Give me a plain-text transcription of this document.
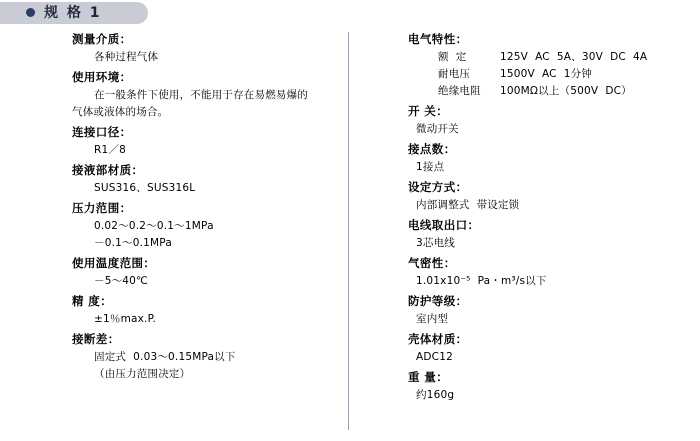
规 格 1
测量介质：
各种过程气体
使用环境：
在一般条件下使用，不能用于存在易燃易爆的
气体或液体的场合。
连接口径：
R1／8
接液部材质：
SUS316、SUS316L
压力范围：
0.02～0.2～0.1～1MPa
－0.1～0.1MPa
使用温度范围：
－5～40℃
精 度：
±1％max.P.
接断差：
固定式  0.03～0.15MPa以下
（由压力范围决定）
电气特性：
额  定	125V  AC  5A、30V  DC  4A
耐电压	1500V  AC  1分钟
绝缘电阻	100MΩ以上（500V  DC）
开 关：
微动开关
接点数：
1接点
设定方式：
内部调整式  带设定锁
电线取出口：
3芯电线
气密性：
1.01x10⁻⁵  Pa・m³/s以下
防护等级：
室内型
壳体材质：
ADC12
重 量：
约160g
